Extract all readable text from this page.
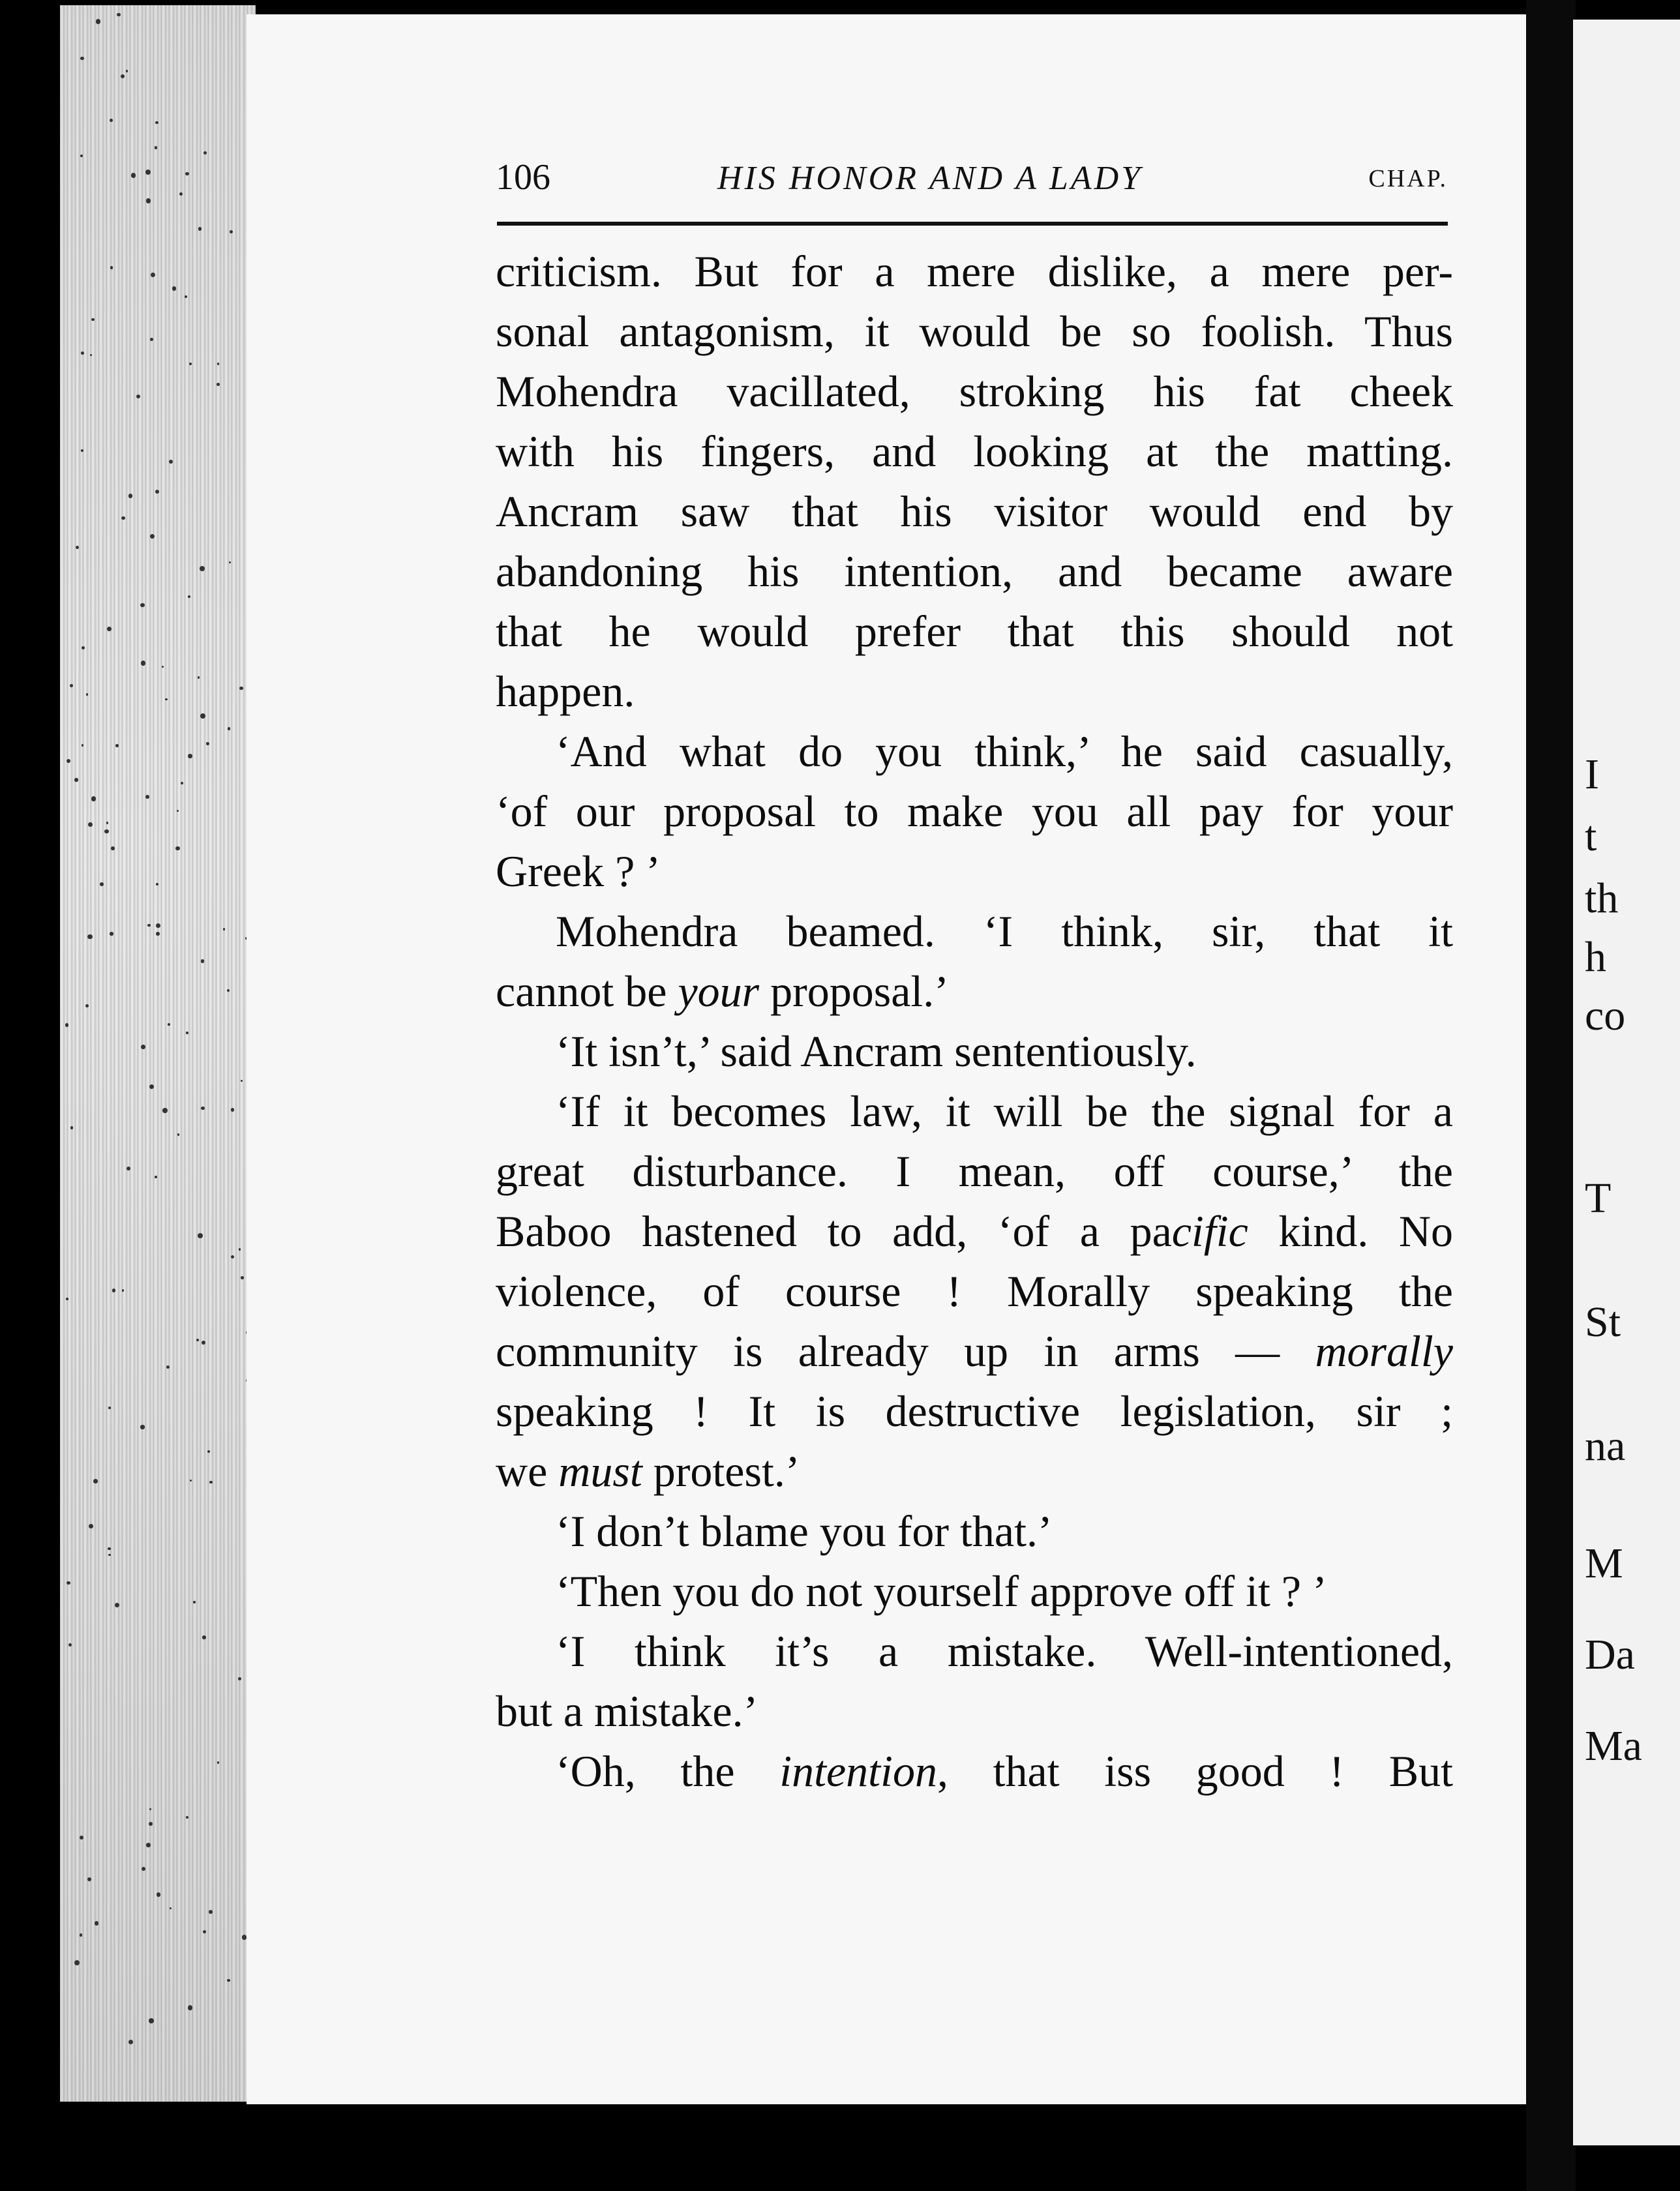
I
t
th
h
co
T
St
na
M
Da
Ma
106	HIS HONOR AND A LADY	CHAP.
criticism. But for a mere dislike, a mere per-
sonal antagonism, it would be so foolish. Thus
Mohendra vacillated, stroking his fat cheek
with his fingers, and looking at the matting.
Ancram saw that his visitor would end by
abandoning his intention, and became aware
that he would prefer that this should not
happen.
‘And what do you think,’ he said casually,
‘of our proposal to make you all pay for your
Greek ? ’
Mohendra beamed. ‘I think, sir, that it
cannot be your proposal.’
‘It isn’t,’ said Ancram sententiously.
‘If it becomes law, it will be the signal for a
great disturbance. I mean, off course,’ the
Baboo hastened to add, ‘of a pacific kind. No
violence, of course ! Morally speaking the
community is already up in arms — morally
speaking ! It is destructive legislation, sir ;
we must protest.’
‘I don’t blame you for that.’
‘Then you do not yourself approve off it ? ’
‘I think it’s a mistake. Well-intentioned,
but a mistake.’
‘Oh, the intention, that iss good ! But
